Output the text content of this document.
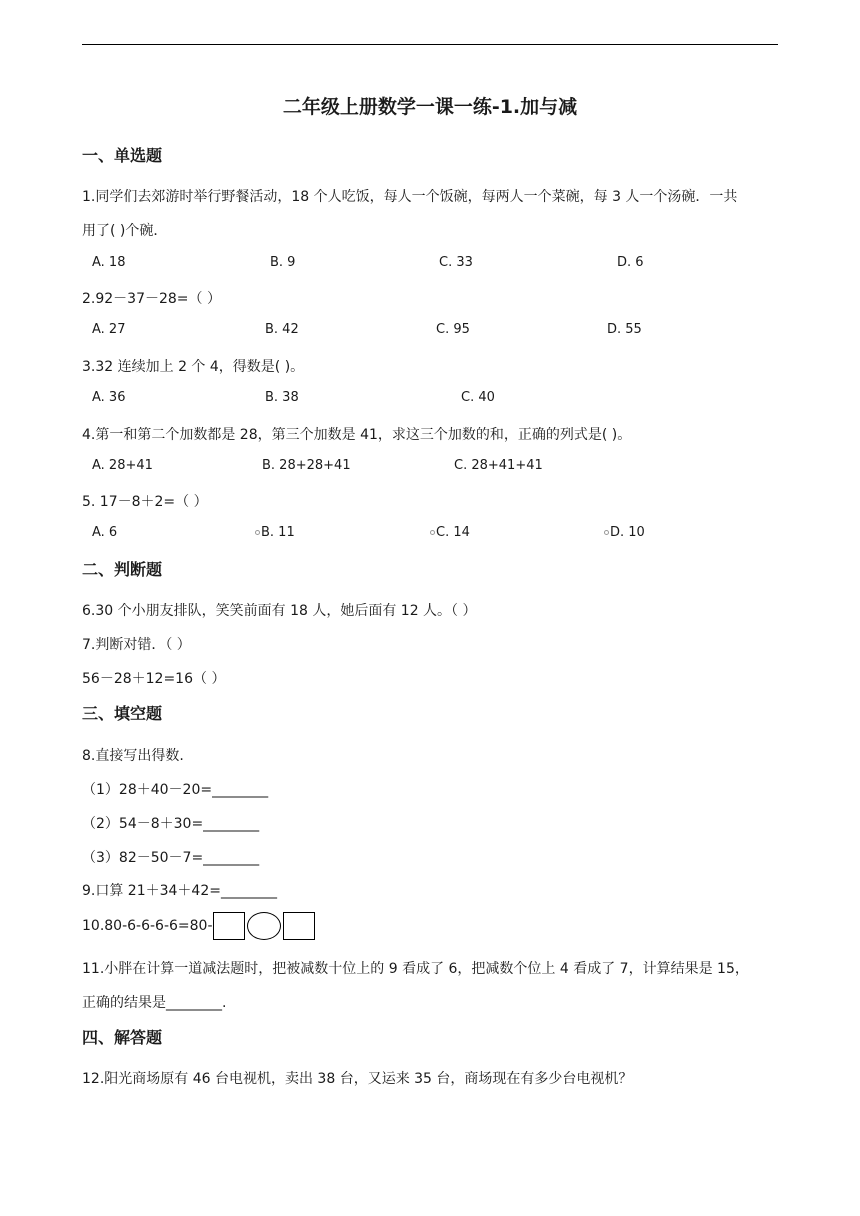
二年级上册数学一课一练-1.加与减
一、单选题
1.同学们去郊游时举行野餐活动，18 个人吃饭，每人一个饭碗，每两人一个菜碗，每 3 人一个汤碗．一共
用了( )个碗．
A. 18	B. 9	C. 33	D. 6
2.92－37－28=（ ）
A. 27	B. 42	C. 95	D. 55
3.32 连续加上 2 个 4，得数是( )。
A. 36	B. 38	C. 40
4.第一和第二个加数都是 28，第三个加数是 41，求这三个加数的和，正确的列式是( )。
A. 28+41	B. 28+28+41	C. 28+41+41
5. 17－8＋2=（ ）
A. 6	B. 11	C. 14	D. 10
二、判断题
6.30 个小朋友排队，笑笑前面有 18 人，她后面有 12 人。（ ）
7.判断对错．（ ）
56－28＋12=16（ ）
三、填空题
8.直接写出得数.
（1）28＋40－20=________
（2）54－8＋30=________
（3）82－50－7=________
9.口算 21＋34＋42=________
10.80-6-6-6-6=80-
11.小胖在计算一道减法题时，把被减数十位上的 9 看成了 6，把减数个位上 4 看成了 7，计算结果是 15，
正确的结果是________.
四、解答题
12.阳光商场原有 46 台电视机，卖出 38 台，又运来 35 台，商场现在有多少台电视机？
